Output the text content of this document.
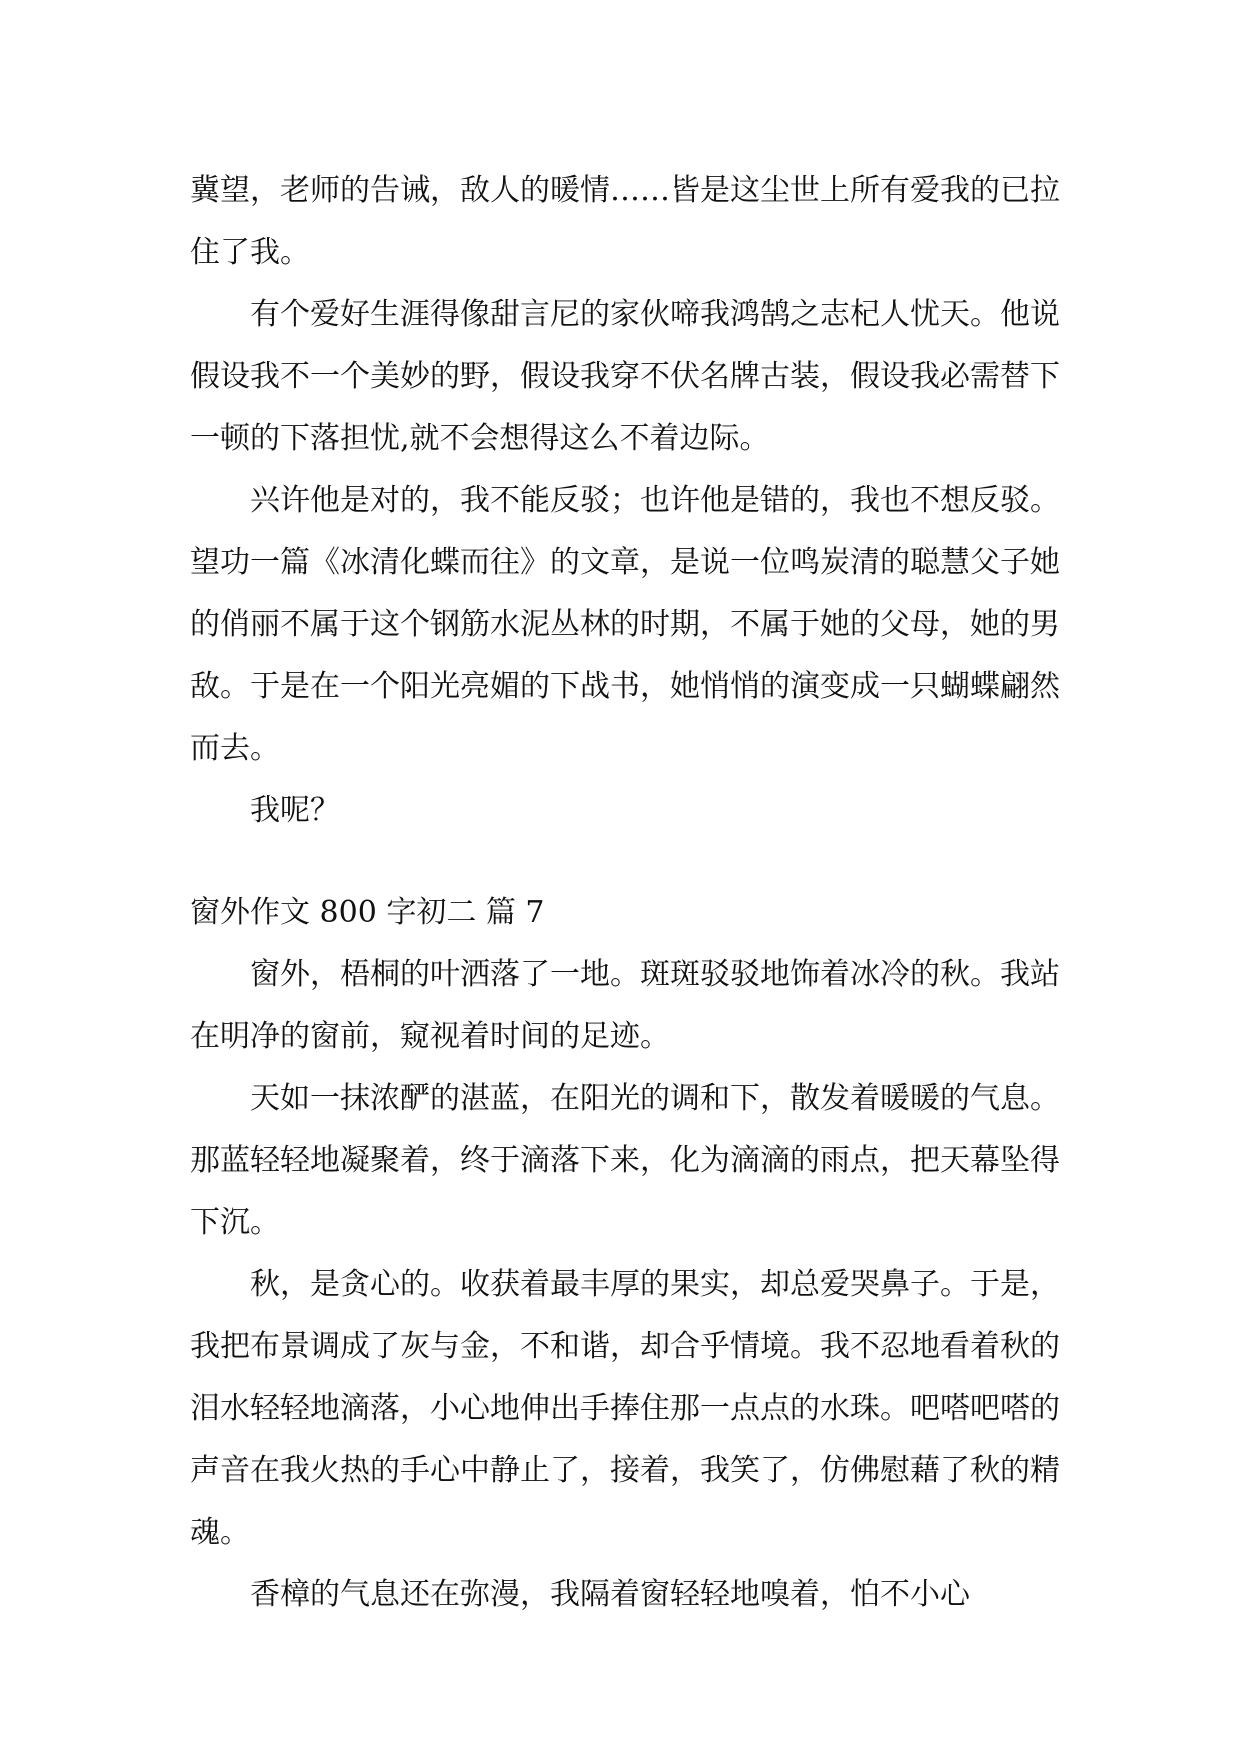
冀望，老师的告诫，敌人的暖情……皆是这尘世上所有爱我的已拉住了我。

有个爱好生涯得像甜言尼的家伙啼我鸿鹄之志杞人忧天。他说假设我不一个美妙的野，假设我穿不伏名牌古装，假设我必需替下一顿的下落担忧,就不会想得这么不着边际。

兴许他是对的，我不能反驳；也许他是错的，我也不想反驳。望功一篇《冰清化蝶而往》的文章，是说一位鸣炭清的聪慧父子她的俏丽不属于这个钢筋水泥丛林的时期，不属于她的父母，她的男敌。于是在一个阳光亮媚的下战书，她悄悄的演变成一只蝴蝶翩然而去。

我呢？

窗外作文 800 字初二 篇 7

窗外，梧桐的叶洒落了一地。斑斑驳驳地饰着冰冷的秋。我站在明净的窗前，窥视着时间的足迹。

天如一抹浓酽的湛蓝，在阳光的调和下，散发着暖暖的气息。那蓝轻轻地凝聚着，终于滴落下来，化为滴滴的雨点，把天幕坠得下沉。

秋，是贪心的。收获着最丰厚的果实，却总爱哭鼻子。于是，我把布景调成了灰与金，不和谐，却合乎情境。我不忍地看着秋的泪水轻轻地滴落，小心地伸出手捧住那一点点的水珠。吧嗒吧嗒的声音在我火热的手心中静止了，接着，我笑了，仿佛慰藉了秋的精魂。

香樟的气息还在弥漫，我隔着窗轻轻地嗅着，怕不小心
